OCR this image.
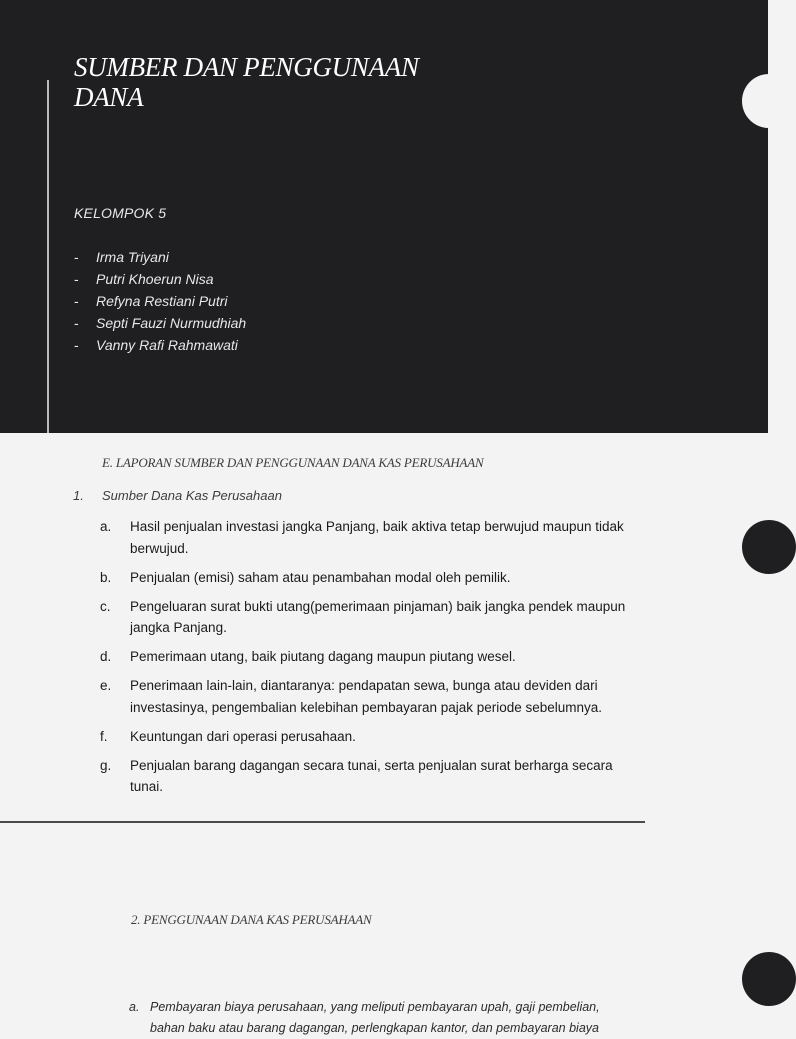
SUMBER DAN PENGGUNAAN DANA
KELOMPOK 5
- Irma Triyani
- Putri Khoerun Nisa
- Refyna Restiani Putri
- Septi Fauzi Nurmudhiah
- Vanny Rafi Rahmawati
E. LAPORAN SUMBER DAN PENGGUNAAN DANA KAS PERUSAHAAN
1. Sumber Dana Kas Perusahaan
a.	Hasil penjualan investasi jangka Panjang, baik aktiva tetap berwujud maupun tidak berwujud.
b.	Penjualan (emisi) saham atau penambahan modal oleh pemilik.
c.	Pengeluaran surat bukti utang(pemerimaan pinjaman) baik jangka pendek maupun jangka Panjang.
d.	Pemerimaan utang, baik piutang dagang maupun piutang wesel.
e.	Penerimaan lain-lain, diantaranya: pendapatan sewa, bunga atau deviden dari investasinya, pengembalian kelebihan pembayaran pajak periode sebelumnya.
f.	Keuntungan dari operasi perusahaan.
g.	Penjualan barang dagangan secara tunai, serta penjualan surat berharga secara tunai.
2. PENGGUNAAN DANA KAS PERUSAHAAN
a. Pembayaran biaya perusahaan, yang meliputi pembayaran upah, gaji pembelian, bahan baku atau barang dagangan, perlengkapan kantor, dan pembayaran biaya
